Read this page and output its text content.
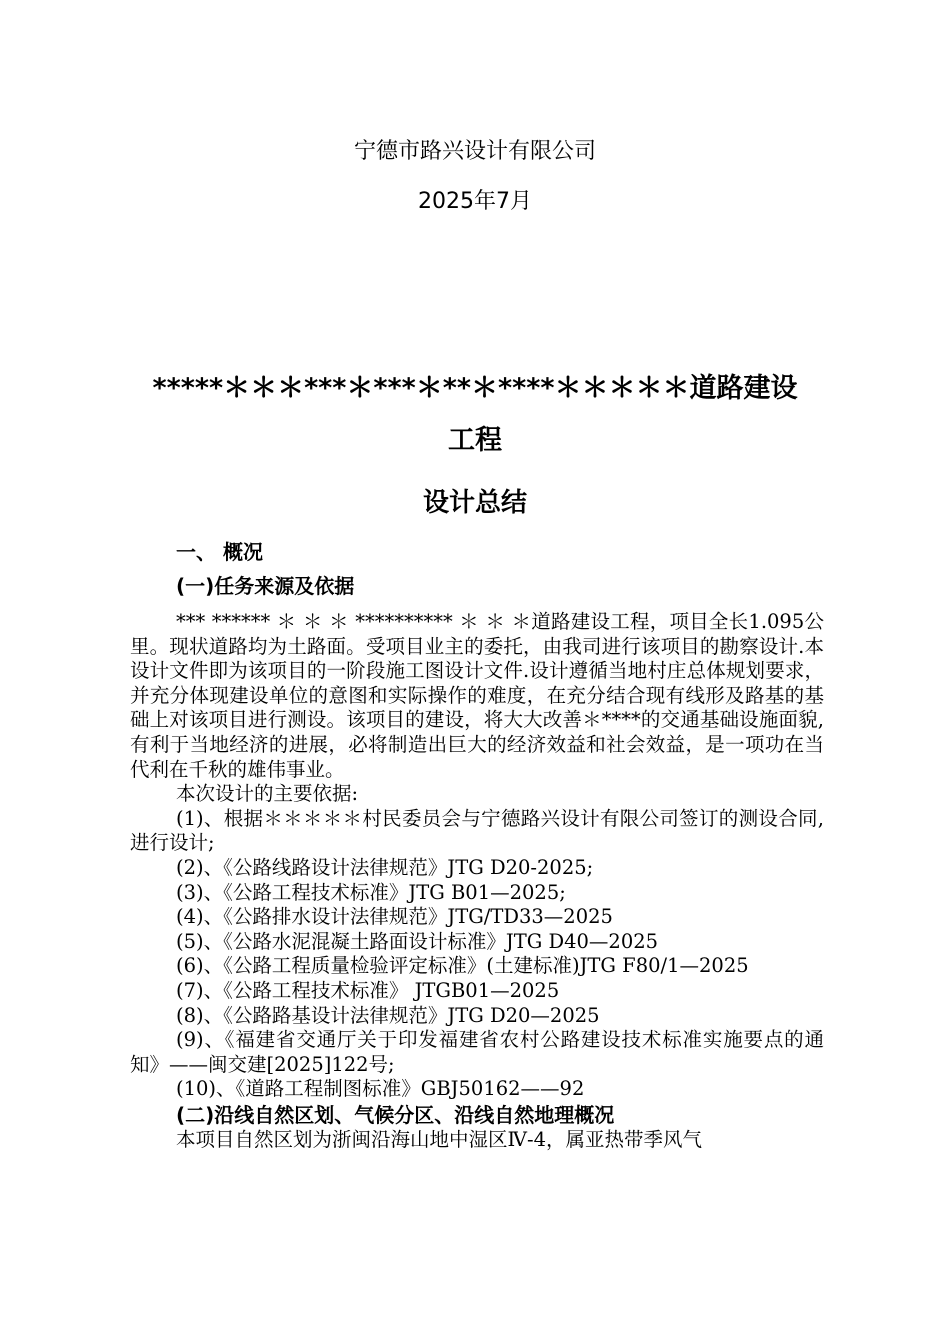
宁德市路兴设计有限公司
2025年7月
*****＊＊＊***＊***＊**＊****＊＊＊＊＊道路建设
工程
设计总结
一、 概况
(一)任务来源及依据

*** ****** ＊ ＊ ＊ ********** ＊ ＊ ＊道路建设工程，项目全长1.095公里。现状道路均为土路面。受项目业主的委托，由我司进行该项目的勘察设计.本设计文件即为该项目的一阶段施工图设计文件.设计遵循当地村庄总体规划要求，并充分体现建设单位的意图和实际操作的难度，在充分结合现有线形及路基的基础上对该项目进行测设。该项目的建设，将大大改善＊****的交通基础设施面貌,有利于当地经济的进展，必将制造出巨大的经济效益和社会效益，是一项功在当代利在千秋的雄伟事业。

本次设计的主要依据:

(1)、根据＊＊＊＊＊村民委员会与宁德路兴设计有限公司签订的测设合同,进行设计;

(2)、《公路线路设计法律规范》JTG D20-2025;

(3)、《公路工程技术标准》JTG B01—2025;

(4)、《公路排水设计法律规范》JTG/TD33—2025

(5)、《公路水泥混凝土路面设计标准》JTG D40—2025

(6)、《公路工程质量检验评定标准》(土建标准)JTG F80/1—2025

(7)、《公路工程技术标准》 JTGB01—2025

(8)、《公路路基设计法律规范》JTG D20—2025

(9)、《福建省交通厅关于印发福建省农村公路建设技术标准实施要点的通知》——闽交建[2025]122号;

(10)、《道路工程制图标准》GBJ50162——92

(二)沿线自然区划、气候分区、沿线自然地理概况

本项目自然区划为浙闽沿海山地中湿区Ⅳ-4，属亚热带季风气
